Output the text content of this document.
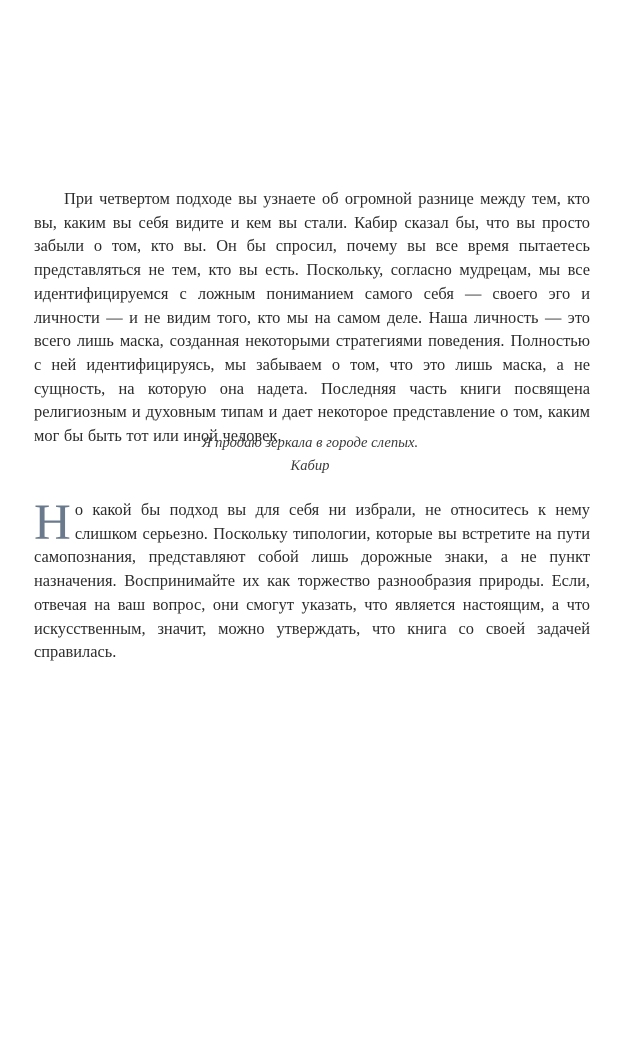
При четвертом подходе вы узнаете об огромной разнице между тем, кто вы, каким вы себя видите и кем вы стали. Кабир сказал бы, что вы просто забыли о том, кто вы. Он бы спросил, почему вы все время пытаетесь представляться не тем, кто вы есть. Поскольку, согласно мудрецам, мы все идентифицируемся с ложным пониманием самого себя — своего эго и личности — и не видим того, кто мы на самом деле. Наша личность — это всего лишь маска, созданная некоторыми стратегиями поведения. Полностью с ней идентифицируясь, мы забываем о том, что это лишь маска, а не сущность, на которую она надета. Последняя часть книги посвящена религиозным и духовным типам и дает некоторое представление о том, каким мог бы быть тот или иной человек.

Я продаю зеркала в городе слепых.
Кабир

Но какой бы подход вы для себя ни избрали, не относитесь к нему слишком серьезно. Поскольку типологии, которые вы встретите на пути самопознания, представляют собой лишь дорожные знаки, а не пункт назначения. Воспринимайте их как торжество разнообразия природы. Если, отвечая на ваш вопрос, они смогут указать, что является настоящим, а что искусственным, значит, можно утверждать, что книга со своей задачей справилась.
